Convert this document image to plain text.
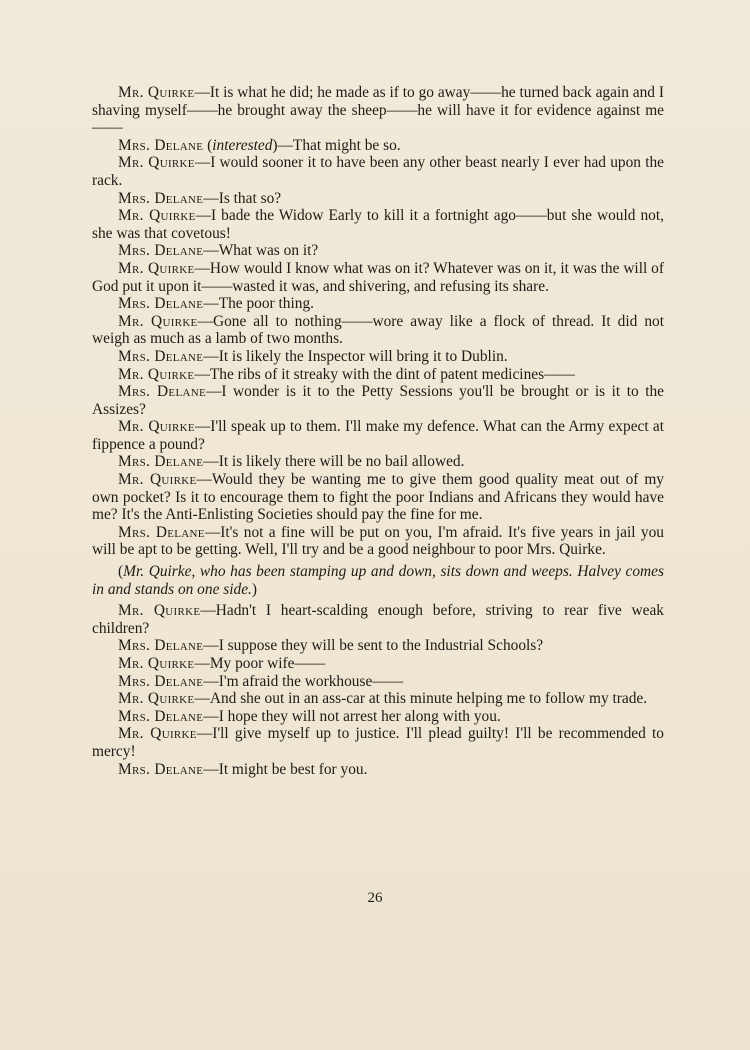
Mr. Quirke—It is what he did; he made as if to go away——he turned back again and I shaving myself——he brought away the sheep——he will have it for evidence against me——

Mrs. Delane (interested)—That might be so.

Mr. Quirke—I would sooner it to have been any other beast nearly I ever had upon the rack.

Mrs. Delane—Is that so?

Mr. Quirke—I bade the Widow Early to kill it a fortnight ago——but she would not, she was that covetous!

Mrs. Delane—What was on it?

Mr. Quirke—How would I know what was on it? Whatever was on it, it was the will of God put it upon it——wasted it was, and shivering, and refusing its share.

Mrs. Delane—The poor thing.

Mr. Quirke—Gone all to nothing——wore away like a flock of thread. It did not weigh as much as a lamb of two months.

Mrs. Delane—It is likely the Inspector will bring it to Dublin.

Mr. Quirke—The ribs of it streaky with the dint of patent medicines——

Mrs. Delane—I wonder is it to the Petty Sessions you'll be brought or is it to the Assizes?

Mr. Quirke—I'll speak up to them. I'll make my defence. What can the Army expect at fippence a pound?

Mrs. Delane—It is likely there will be no bail allowed.

Mr. Quirke—Would they be wanting me to give them good quality meat out of my own pocket? Is it to encourage them to fight the poor Indians and Africans they would have me? It's the Anti-Enlisting Societies should pay the fine for me.

Mrs. Delane—It's not a fine will be put on you, I'm afraid. It's five years in jail you will be apt to be getting. Well, I'll try and be a good neighbour to poor Mrs. Quirke.

(Mr. Quirke, who has been stamping up and down, sits down and weeps. Halvey comes in and stands on one side.)

Mr. Quirke—Hadn't I heart-scalding enough before, striving to rear five weak children?

Mrs. Delane—I suppose they will be sent to the Industrial Schools?

Mr. Quirke—My poor wife——

Mrs. Delane—I'm afraid the workhouse——

Mr. Quirke—And she out in an ass-car at this minute helping me to follow my trade.

Mrs. Delane—I hope they will not arrest her along with you.

Mr. Quirke—I'll give myself up to justice. I'll plead guilty! I'll be recommended to mercy!

Mrs. Delane—It might be best for you.

26
